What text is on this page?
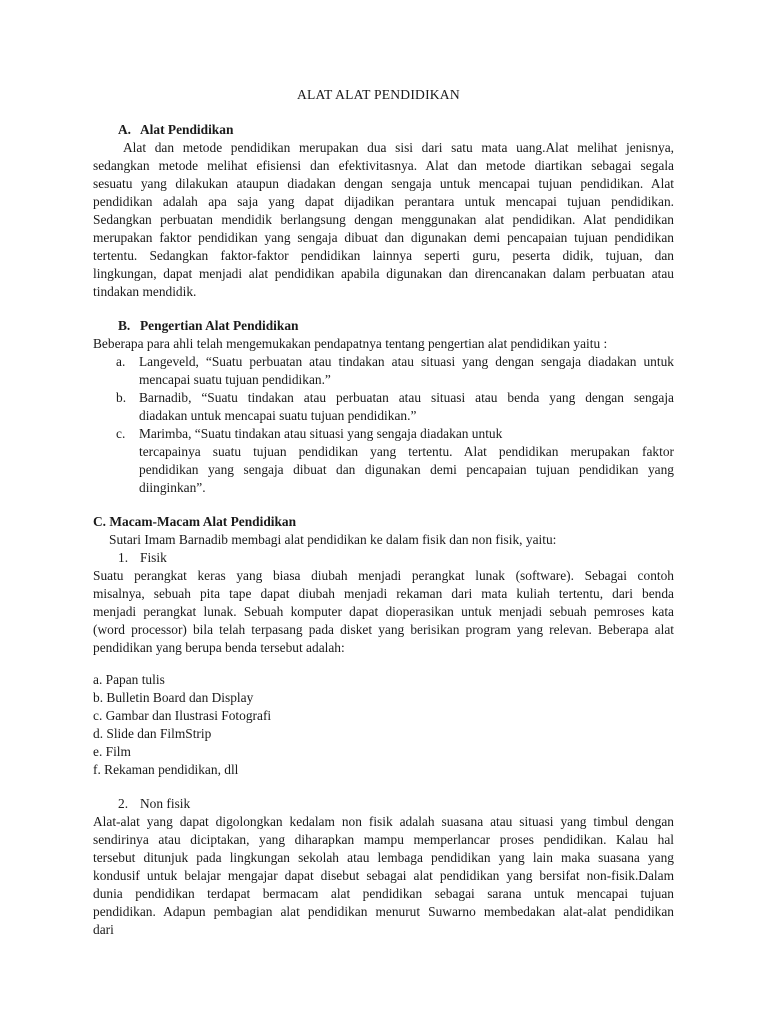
ALAT ALAT PENDIDIKAN
A. Alat Pendidikan
Alat dan metode pendidikan merupakan dua sisi dari satu mata uang.Alat melihat jenisnya,
sedangkan metode melihat efisiensi dan efektivitasnya. Alat dan metode diartikan sebagai segala
sesuatu yang dilakukan ataupun diadakan dengan sengaja untuk mencapai tujuan pendidikan. Alat
pendidikan adalah apa saja yang dapat dijadikan perantara untuk mencapai tujuan pendidikan.
Sedangkan perbuatan mendidik berlangsung dengan menggunakan alat pendidikan. Alat pendidikan
merupakan faktor pendidikan yang sengaja dibuat dan digunakan demi pencapaian tujuan pendidikan
tertentu. Sedangkan faktor-faktor pendidikan lainnya seperti guru, peserta didik, tujuan, dan
lingkungan, dapat menjadi alat pendidikan apabila digunakan dan direncanakan dalam perbuatan atau
tindakan mendidik.
B. Pengertian Alat Pendidikan
Beberapa para ahli telah mengemukakan pendapatnya tentang pengertian alat pendidikan yaitu :
a. Langeveld, “Suatu perbuatan atau tindakan atau situasi yang dengan sengaja diadakan untuk
mencapai suatu tujuan pendidikan.”
b. Barnadib, “Suatu tindakan atau perbuatan atau situasi atau benda yang dengan sengaja
diadakan untuk mencapai suatu tujuan pendidikan.”
c. Marimba, “Suatu tindakan atau situasi yang sengaja diadakan untuk
tercapainya suatu tujuan pendidikan yang tertentu. Alat pendidikan merupakan faktor
pendidikan yang sengaja dibuat dan digunakan demi pencapaian tujuan pendidikan yang
diinginkan”.
C. Macam-Macam Alat Pendidikan
Sutari Imam Barnadib membagi alat pendidikan ke dalam fisik dan non fisik, yaitu:
1. Fisik
Suatu perangkat keras yang biasa diubah menjadi perangkat lunak (software). Sebagai contoh
misalnya, sebuah pita tape dapat diubah menjadi rekaman dari mata kuliah tertentu, dari benda
menjadi perangkat lunak. Sebuah komputer dapat dioperasikan untuk menjadi sebuah pemroses kata
(word processor) bila telah terpasang pada disket yang berisikan program yang relevan. Beberapa alat
pendidikan yang berupa benda tersebut adalah:
a. Papan tulis
b. Bulletin Board dan Display
c. Gambar dan Ilustrasi Fotografi
d. Slide dan FilmStrip
e. Film
f. Rekaman pendidikan, dll
2. Non fisik
Alat-alat yang dapat digolongkan kedalam non fisik adalah suasana atau situasi yang timbul dengan
sendirinya atau diciptakan, yang diharapkan mampu memperlancar proses pendidikan. Kalau hal
tersebut ditunjuk pada lingkungan sekolah atau lembaga pendidikan yang lain maka suasana yang
kondusif untuk belajar mengajar dapat disebut sebagai alat pendidikan yang bersifat non-fisik.Dalam
dunia pendidikan terdapat bermacam alat pendidikan sebagai sarana untuk mencapai tujuan
pendidikan. Adapun pembagian alat pendidikan menurut Suwarno membedakan alat-alat pendidikan
dari
